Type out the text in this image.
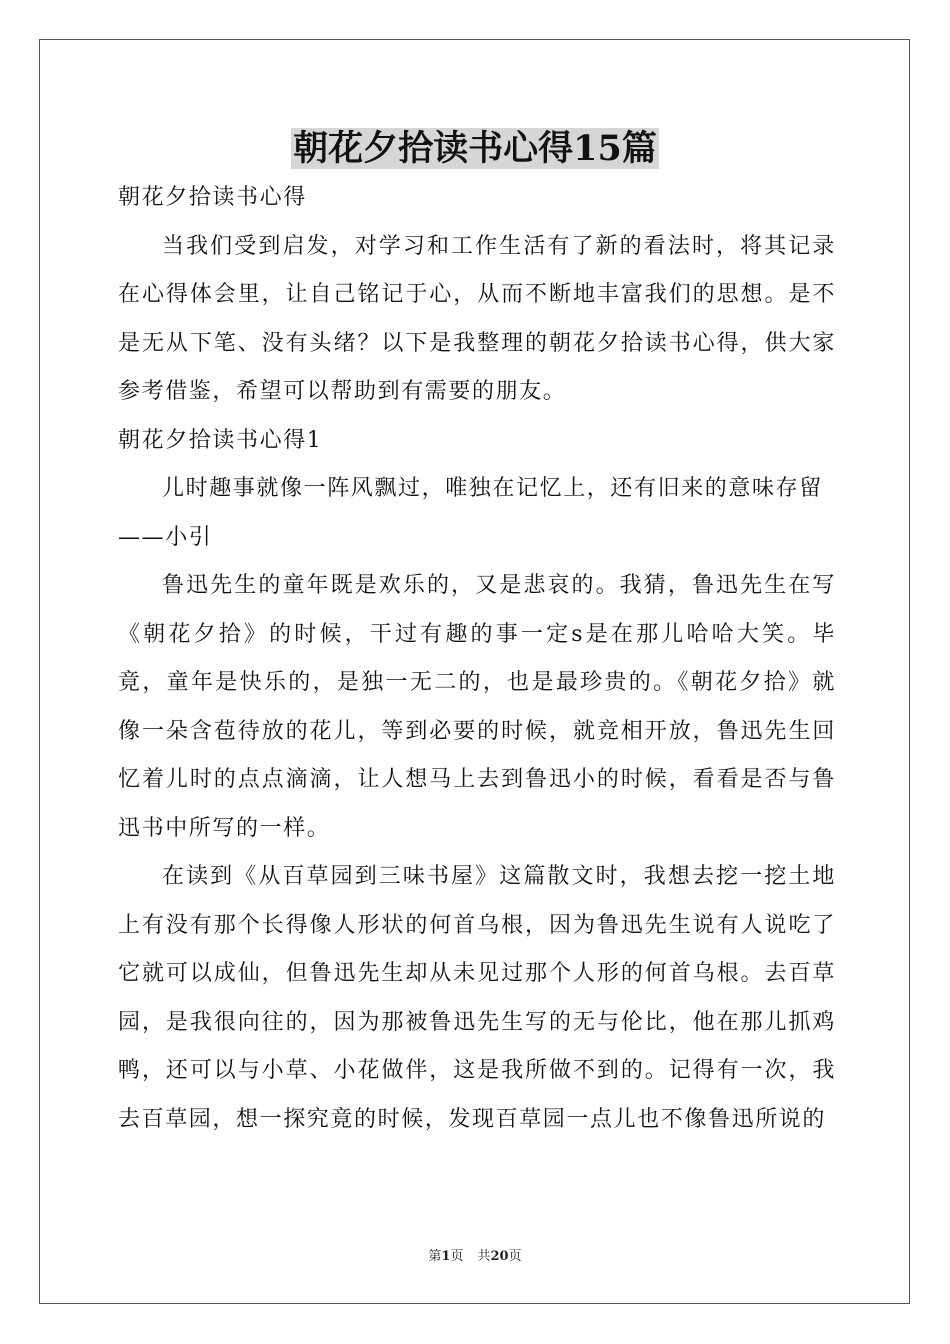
朝花夕拾读书心得15篇

朝花夕拾读书心得

当我们受到启发，对学习和工作生活有了新的看法时，将其记录在心得体会里，让自己铭记于心，从而不断地丰富我们的思想。是不是无从下笔、没有头绪？以下是我整理的朝花夕拾读书心得，供大家参考借鉴，希望可以帮助到有需要的朋友。

朝花夕拾读书心得1

儿时趣事就像一阵风飘过，唯独在记忆上，还有旧来的意味存留

——小引

鲁迅先生的童年既是欢乐的，又是悲哀的。我猜，鲁迅先生在写《朝花夕拾》的时候，干过有趣的事一定s是在那儿哈哈大笑。毕竟，童年是快乐的，是独一无二的，也是最珍贵的。《朝花夕拾》就像一朵含苞待放的花儿，等到必要的时候，就竞相开放，鲁迅先生回忆着儿时的点点滴滴，让人想马上去到鲁迅小的时候，看看是否与鲁迅书中所写的一样。

在读到《从百草园到三味书屋》这篇散文时，我想去挖一挖土地上有没有那个长得像人形状的何首乌根，因为鲁迅先生说有人说吃了它就可以成仙，但鲁迅先生却从未见过那个人形的何首乌根。去百草园，是我很向往的，因为那被鲁迅先生写的无与伦比，他在那儿抓鸡鸭，还可以与小草、小花做伴，这是我所做不到的。记得有一次，我去百草园，想一探究竟的时候，发现百草园一点儿也不像鲁迅所说的

第1页 共20页
